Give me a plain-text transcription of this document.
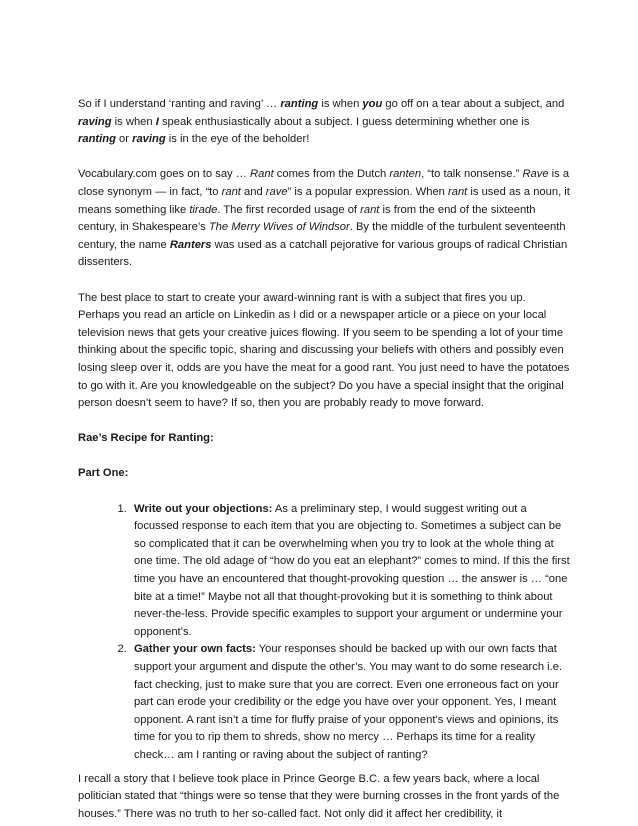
So if I understand ‘ranting and raving’ … ranting is when you go off on a tear about a subject, and raving is when I speak enthusiastically about a subject. I guess determining whether one is ranting or raving is in the eye of the beholder!

Vocabulary.com goes on to say … Rant comes from the Dutch ranten, “to talk nonsense.” Rave is a close synonym — in fact, “to rant and rave” is a popular expression. When rant is used as a noun, it means something like tirade. The first recorded usage of rant is from the end of the sixteenth century, in Shakespeare’s The Merry Wives of Windsor. By the middle of the turbulent seventeenth century, the name Ranters was used as a catchall pejorative for various groups of radical Christian dissenters.

The best place to start to create your award-winning rant is with a subject that fires you up. Perhaps you read an article on Linkedin as I did or a newspaper article or a piece on your local television news that gets your creative juices flowing. If you seem to be spending a lot of your time thinking about the specific topic, sharing and discussing your beliefs with others and possibly even losing sleep over it, odds are you have the meat for a good rant. You just need to have the potatoes to go with it. Are you knowledgeable on the subject? Do you have a special insight that the original person doesn’t seem to have? If so, then you are probably ready to move forward.

Rae’s Recipe for Ranting:

Part One:

1. Write out your objections: As a preliminary step, I would suggest writing out a focussed response to each item that you are objecting to. Sometimes a subject can be so complicated that it can be overwhelming when you try to look at the whole thing at one time. The old adage of “how do you eat an elephant?” comes to mind. If this the first time you have an encountered that thought-provoking question … the answer is … “one bite at a time!” Maybe not all that thought-provoking but it is something to think about never-the-less. Provide specific examples to support your argument or undermine your opponent’s.
2. Gather your own facts: Your responses should be backed up with our own facts that support your argument and dispute the other’s. You may want to do some research i.e. fact checking, just to make sure that you are correct. Even one erroneous fact on your part can erode your credibility or the edge you have over your opponent. Yes, I meant opponent. A rant isn’t a time for fluffy praise of your opponent’s views and opinions, its time for you to rip them to shreds, show no mercy … Perhaps its time for a reality check… am I ranting or raving about the subject of ranting?

I recall a story that I believe took place in Prince George B.C. a few years back, where a local politician stated that “things were so tense that they were burning crosses in the front yards of the houses.” There was no truth to her so-called fact. Not only did it affect her credibility, it
